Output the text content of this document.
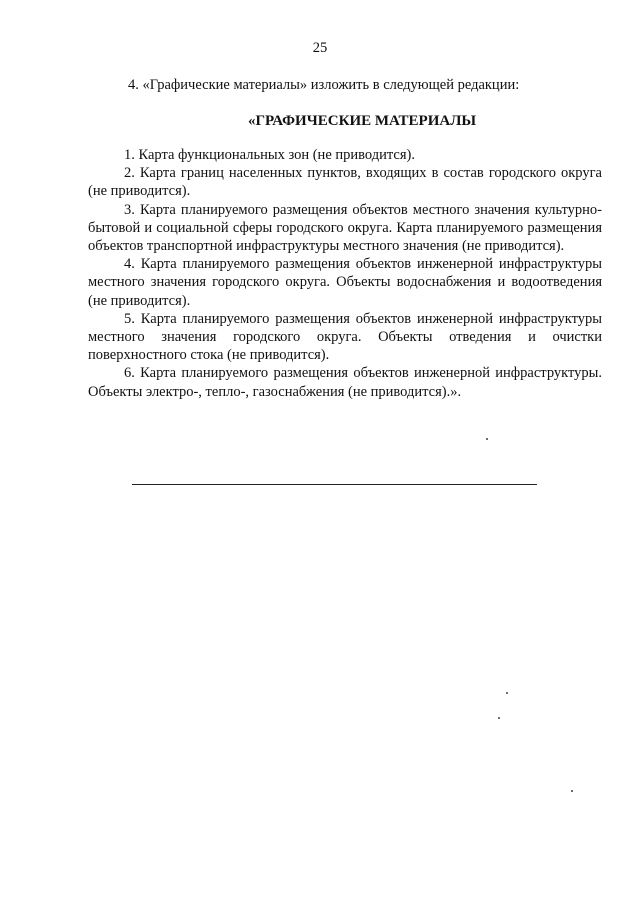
25
4. «Графические материалы» изложить в следующей редакции:
«ГРАФИЧЕСКИЕ МАТЕРИАЛЫ

1. Карта функциональных зон (не приводится).

2. Карта границ населенных пунктов, входящих в состав городского округа (не приводится).

3. Карта планируемого размещения объектов местного значения культурно-бытовой и социальной сферы городского округа. Карта планируемого размещения объектов транспортной инфраструктуры местного значения (не приводится).

4. Карта планируемого размещения объектов инженерной инфраструктуры местного значения городского округа. Объекты водоснабжения и водоотведения (не приводится).

5. Карта планируемого размещения объектов инженерной инфраструктуры местного значения городского округа. Объекты отведения и очистки поверхностного стока (не приводится).

6. Карта планируемого размещения объектов инженерной инфраструктуры. Объекты электро-, тепло-, газоснабжения (не приводится).».
